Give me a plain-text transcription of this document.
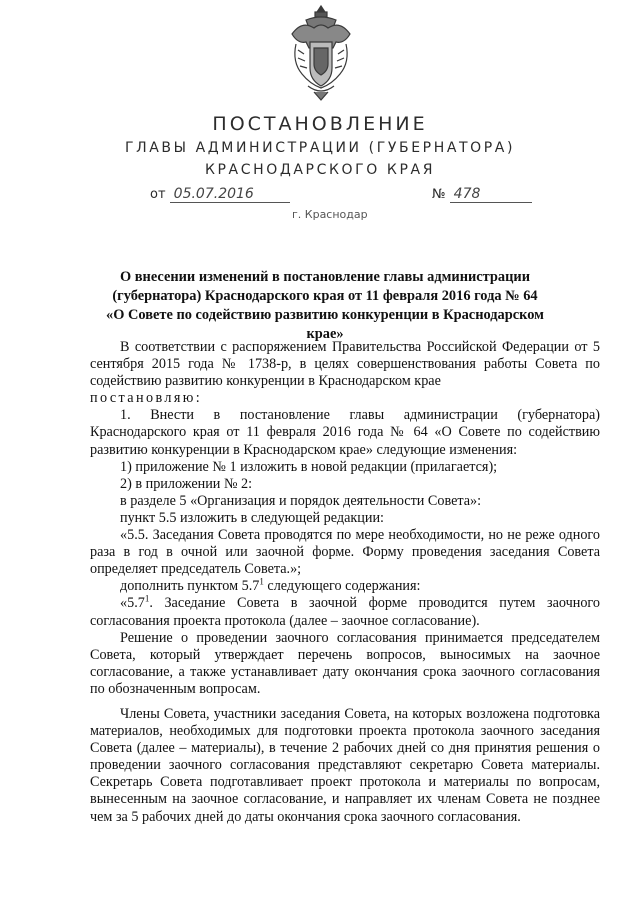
ПОСТАНОВЛЕНИЕ
ГЛАВЫ АДМИНИСТРАЦИИ (ГУБЕРНАТОРА)
КРАСНОДАРСКОГО КРАЯ
от 05.07.2016	№ 478
г. Краснодар
О внесении изменений в постановление главы администрации
(губернатора) Краснодарского края от 11 февраля 2016 года № 64
«О Совете по содействию развитию конкуренции в Краснодарском крае»

В соответствии с распоряжением Правительства Российской Федерации от 5 сентября 2015 года № 1738-р, в целях совершенствования работы Совета по содействию развитию конкуренции в Краснодарском крае
постановляю:

1. Внести в постановление главы администрации (губернатора) Краснодарского края от 11 февраля 2016 года № 64 «О Совете по содействию развитию конкуренции в Краснодарском крае» следующие изменения:

1) приложение № 1 изложить в новой редакции (прилагается);

2) в приложении № 2:

в разделе 5 «Организация и порядок деятельности Совета»:

пункт 5.5 изложить в следующей редакции:

«5.5. Заседания Совета проводятся по мере необходимости, но не реже одного раза в год в очной или заочной форме. Форму проведения заседания Совета определяет председатель Совета.»;

дополнить пунктом $5.7^1$ следующего содержания:

«$5.7^1$. Заседание Совета в заочной форме проводится путем заочного согласования проекта протокола (далее – заочное согласование).

Решение о проведении заочного согласования принимается председателем Совета, который утверждает перечень вопросов, выносимых на заочное согласование, а также устанавливает дату окончания срока заочного согласования по обозначенным вопросам.

Члены Совета, участники заседания Совета, на которых возложена подготовка материалов, необходимых для подготовки проекта протокола заочного заседания Совета (далее – материалы), в течение 2 рабочих дней со дня принятия решения о проведении заочного согласования представляют секретарю Совета материалы. Секретарь Совета подготавливает проект протокола и материалы по вопросам, вынесенным на заочное согласование, и направляет их членам Совета не позднее чем за 5 рабочих дней до даты окончания срока заочного согласования.
